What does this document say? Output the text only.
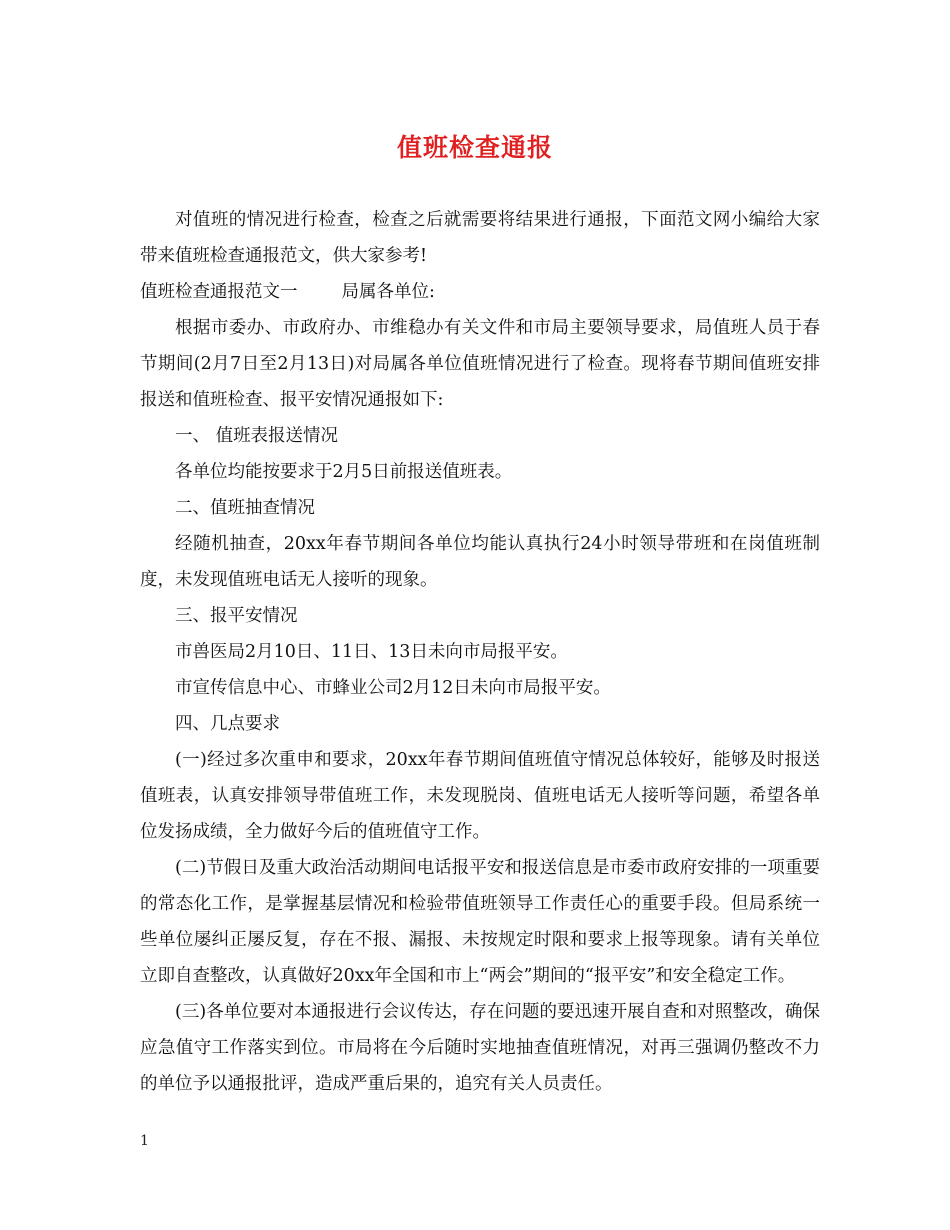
值班检查通报

对值班的情况进行检查，检查之后就需要将结果进行通报，下面范文网小编给大家带来值班检查通报范文，供大家参考!

值班检查通报范文一	局属各单位:

根据市委办、市政府办、市维稳办有关文件和市局主要领导要求，局值班人员于春节期间(2月7日至2月13日)对局属各单位值班情况进行了检查。现将春节期间值班安排报送和值班检查、报平安情况通报如下:

一、 值班表报送情况

各单位均能按要求于2月5日前报送值班表。

二、值班抽查情况

经随机抽查，20xx年春节期间各单位均能认真执行24小时领导带班和在岗值班制度，未发现值班电话无人接听的现象。

三、报平安情况

市兽医局2月10日、11日、13日未向市局报平安。

市宣传信息中心、市蜂业公司2月12日未向市局报平安。

四、几点要求

(一)经过多次重申和要求，20xx年春节期间值班值守情况总体较好，能够及时报送值班表，认真安排领导带值班工作，未发现脱岗、值班电话无人接听等问题，希望各单位发扬成绩，全力做好今后的值班值守工作。

(二)节假日及重大政治活动期间电话报平安和报送信息是市委市政府安排的一项重要的常态化工作，是掌握基层情况和检验带值班领导工作责任心的重要手段。但局系统一些单位屡纠正屡反复，存在不报、漏报、未按规定时限和要求上报等现象。请有关单位立即自查整改，认真做好20xx年全国和市上“两会”期间的“报平安”和安全稳定工作。

(三)各单位要对本通报进行会议传达，存在问题的要迅速开展自查和对照整改，确保应急值守工作落实到位。市局将在今后随时实地抽查值班情况，对再三强调仍整改不力的单位予以通报批评，造成严重后果的，追究有关人员责任。

1
